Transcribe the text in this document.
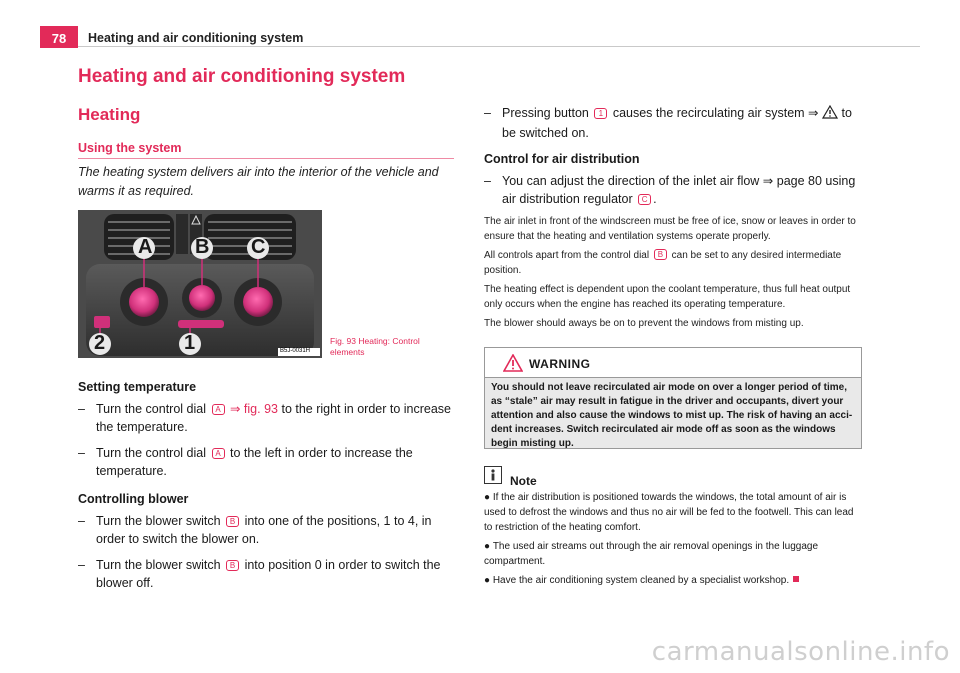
78	Heating and air conditioning system
Heating and air conditioning system
Heating
Using the system
The heating system delivers air into the interior of the vehicle and warms it as required.
A B C
2	1	B5J-0031H
Fig. 93 Heating: Control
elements
Setting temperature
– Turn the control dial A ⇒ fig. 93 to the right in order to increase the temperature.
– Turn the control dial A to the left in order to increase the temperature.
Controlling blower
– Turn the blower switch B into one of the positions, 1 to 4, in order to switch the blower on.
– Turn the blower switch B into position 0 in order to switch the blower off.
– Pressing button 1 causes the recirculating air system ⇒ to be switched on.
Control for air distribution
– You can adjust the direction of the inlet air flow ⇒ page 80 using air distribution regulator C .

The air inlet in front of the windscreen must be free of ice, snow or leaves in order to ensure that the heating and ventilation systems operate properly.

All controls apart from the control dial B can be set to any desired intermediate position.

The heating effect is dependent upon the coolant temperature, thus full heat output only occurs when the engine has reached its operating temperature.

The blower should aways be on to prevent the windows from misting up.

WARNING
You should not leave recirculated air mode on over a longer period of time, as “stale” air may result in fatigue in the driver and occupants, divert your attention and also cause the windows to mist up. The risk of having an accident increases. Switch recirculated air mode off as soon as the windows begin misting up.
Note
● If the air distribution is positioned towards the windows, the total amount of air is used to defrost the windows and thus no air will be fed to the footwell. This can lead to restriction of the heating comfort.
● The used air streams out through the air removal openings in the luggage compartment.
● Have the air conditioning system cleaned by a specialist workshop.
carmanualsonline.info
